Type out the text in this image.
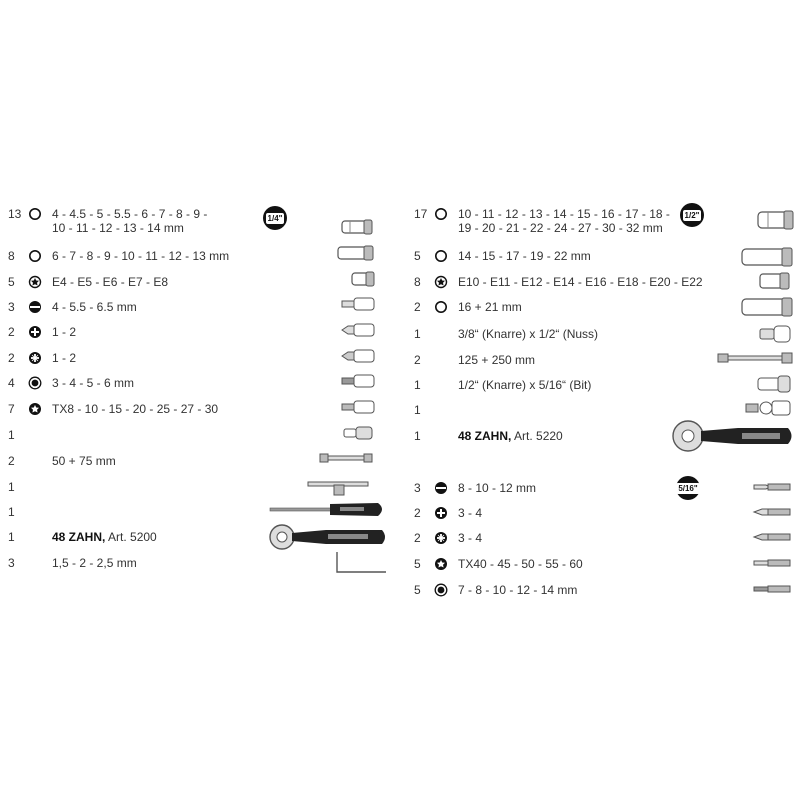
1/4"
13	4 - 4.5 - 5 - 5.5 - 6 - 7 - 8 - 9 -
10 - 11 - 12 - 13 - 14 mm
8	6 - 7 - 8 - 9 - 10 - 11 - 12 - 13 mm
5	E4 - E5 - E6 - E7 - E8
3	4 - 5.5 - 6.5 mm
2	1 - 2
2	1 - 2
4	3 - 4 - 5 - 6 mm
7	TX8 - 10 - 15 - 20 - 25 - 27 - 30
1
2	50 + 75 mm
1
1
1	48 ZAHN, Art. 5200
3	1,5 - 2 - 2,5 mm
1/2"
5/16"
17	10 - 11 - 12 - 13 - 14 - 15 - 16 - 17 - 18 -
19 - 20 - 21 - 22 - 24 - 27 - 30 - 32 mm
5	14 - 15 - 17 - 19 - 22 mm
8	E10 - E11 - E12 - E14 - E16 - E18 - E20 - E22
2	16 + 21 mm
1	3/8“ (Knarre) x 1/2“ (Nuss)
2	125 + 250 mm
1	1/2“ (Knarre) x 5/16“ (Bit)
1
1	48 ZAHN, Art. 5220
3	8 - 10 - 12 mm
2	3 - 4
2	3 - 4
5	TX40 - 45 - 50 - 55 - 60
5	7 - 8 - 10 - 12 - 14 mm
